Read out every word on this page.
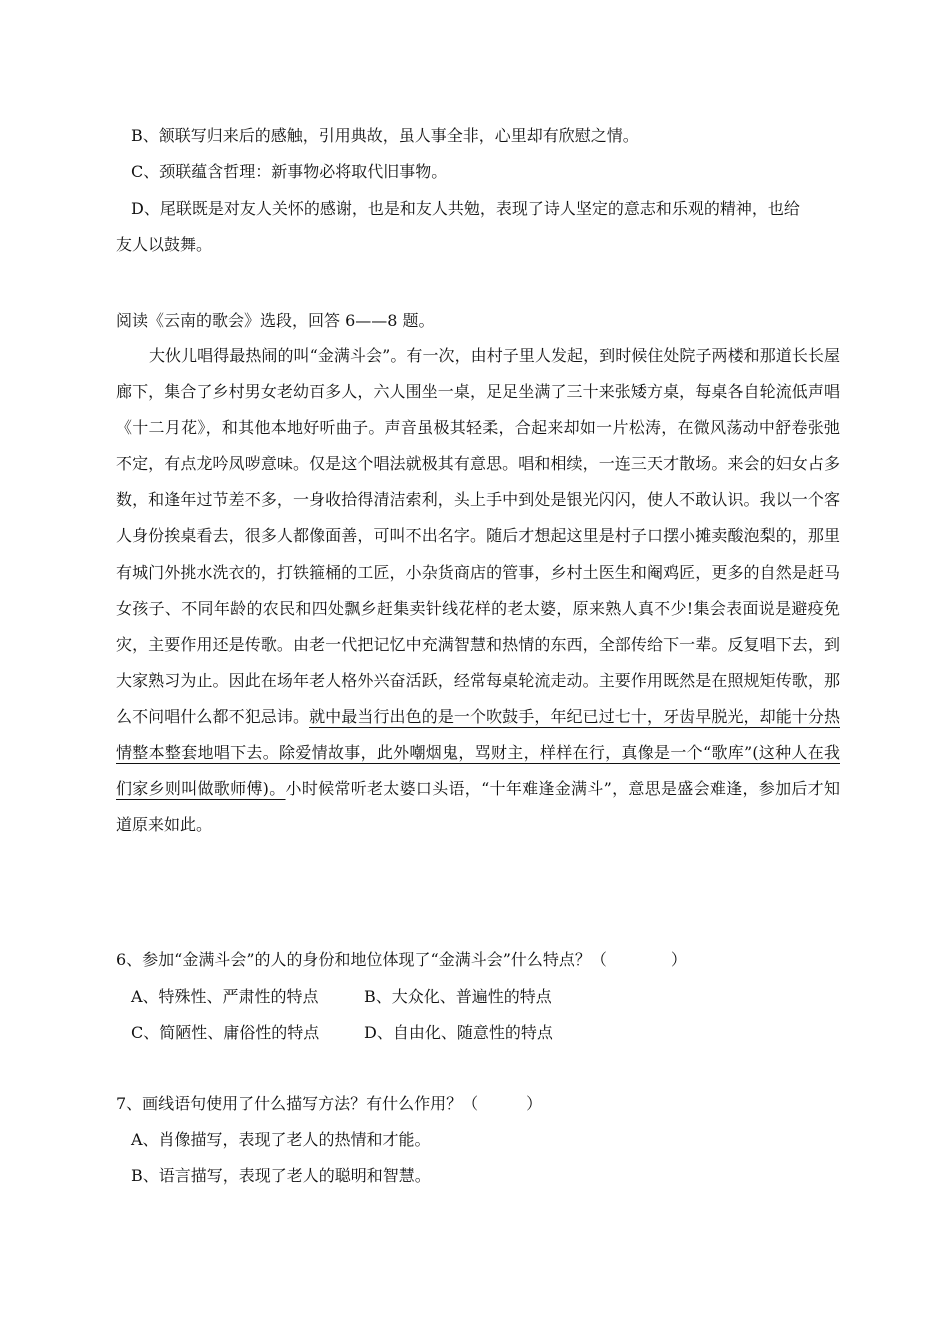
B、颔联写归来后的感触，引用典故，虽人事全非，心里却有欣慰之情。
C、颈联蕴含哲理：新事物必将取代旧事物。
D、尾联既是对友人关怀的感谢，也是和友人共勉，表现了诗人坚定的意志和乐观的精神，也给
友人以鼓舞。
阅读《云南的歌会》选段，回答 6——8 题。
大伙儿唱得最热闹的叫“金满斗会”。有一次，由村子里人发起，到时候住处院子两楼和那道长长屋廊下，集合了乡村男女老幼百多人，六人围坐一桌，足足坐满了三十来张矮方桌，每桌各自轮流低声唱《十二月花》，和其他本地好听曲子。声音虽极其轻柔，合起来却如一片松涛，在微风荡动中舒卷张弛不定，有点龙吟凤哕意味。仅是这个唱法就极其有意思。唱和相续，一连三天才散场。来会的妇女占多数，和逢年过节差不多，一身收拾得清洁索利，头上手中到处是银光闪闪，使人不敢认识。我以一个客人身份挨桌看去，很多人都像面善，可叫不出名字。随后才想起这里是村子口摆小摊卖酸泡梨的，那里有城门外挑水洗衣的，打铁箍桶的工匠，小杂货商店的管事，乡村土医生和阉鸡匠，更多的自然是赶马女孩子、不同年龄的农民和四处飘乡赶集卖针线花样的老太婆，原来熟人真不少!集会表面说是避疫免灾，主要作用还是传歌。由老一代把记忆中充满智慧和热情的东西，全部传给下一辈。反复唱下去，到大家熟习为止。因此在场年老人格外兴奋活跃，经常每桌轮流走动。主要作用既然是在照规矩传歌，那么不问唱什么都不犯忌讳。就中最当行出色的是一个吹鼓手，年纪已过七十，牙齿早脱光，却能十分热情整本整套地唱下去。除爱情故事，此外嘲烟鬼，骂财主，样样在行，真像是一个“歌库”(这种人在我们家乡则叫做歌师傅)。小时候常听老太婆口头语，“十年难逢金满斗”，意思是盛会难逢，参加后才知道原来如此。
6、参加“金满斗会”的人的身份和地位体现了“金满斗会”什么特点？（　　　　）
A、特殊性、严肃性的特点	B、大众化、普遍性的特点
C、简陋性、庸俗性的特点	D、自由化、随意性的特点
7、画线语句使用了什么描写方法？有什么作用？（　　　）
A、肖像描写，表现了老人的热情和才能。
B、语言描写，表现了老人的聪明和智慧。
